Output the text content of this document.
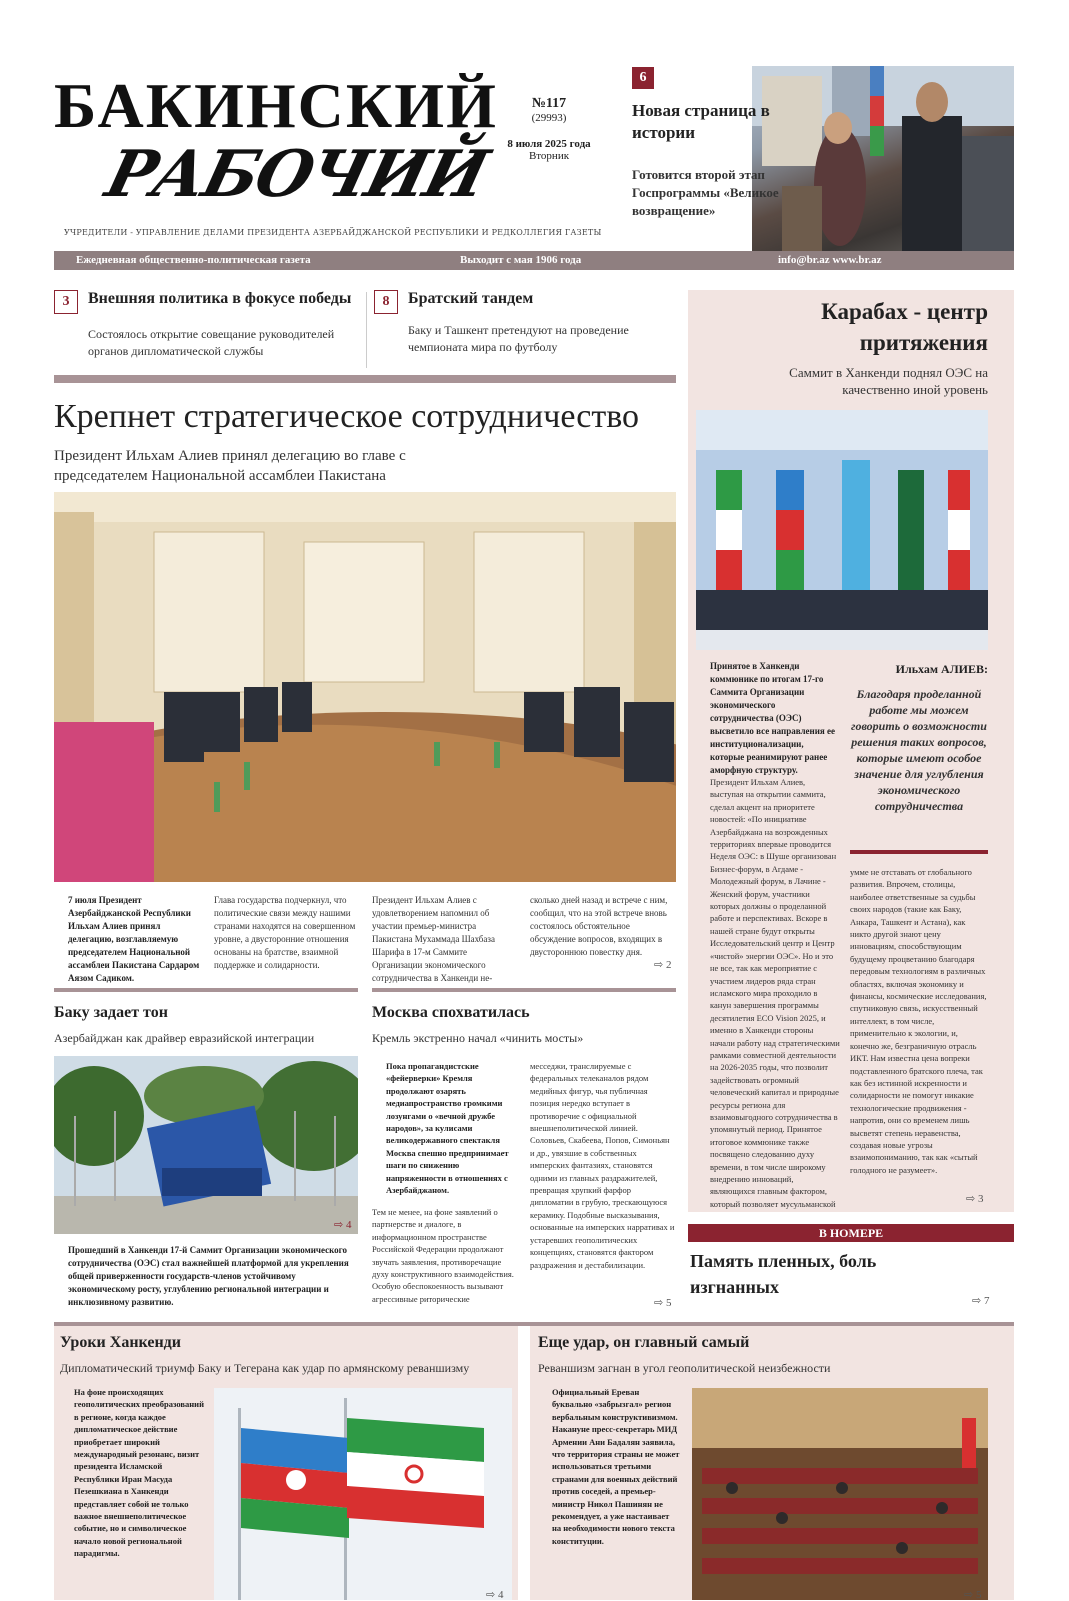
БАКИНСКИЙ
РАБОЧИЙ
УЧРЕДИТЕЛИ - УПРАВЛЕНИЕ ДЕЛАМИ ПРЕЗИДЕНТА АЗЕРБАЙДЖАНСКОЙ РЕСПУБЛИКИ И РЕДКОЛЛЕГИЯ ГАЗЕТЫ
№117
(29993)
8 июля 2025 года
Вторник
6
Новая страница в истории
Готовится второй этап Госпрограммы «Великое возвращение»
Ежедневная общественно-политическая газета	Выходит с мая 1906 года	info@br.az www.br.az
3	Внешняя политика в фокусе победы
Состоялось открытие совещание руководителей органов дипломатической службы
8	Братский тандем
Баку и Ташкент претендуют на проведение чемпионата мира по футболу
Крепнет стратегическое сотрудничество
Президент Ильхам Алиев принял делегацию во главе с председателем Национальной ассамблеи Пакистана
7 июля Президент Азербайджанской Республики Ильхам Алиев принял делегацию, возглавляемую председателем Национальной ассамблеи Пакистана Сардаром Аязом Садиком.
Глава государства подчеркнул, что политические связи между нашими странами находятся на совершенном уровне, а двусторонние отношения основаны на братстве, взаимной поддержке и солидарности.
Президент Ильхам Алиев с удовлетворением напомнил об участии премьер-министра Пакистана Мухаммада Шахбаза Шарифа в 17-м Саммите Организации экономического сотрудничества в Ханкенди не-
сколько дней назад и встрече с ним, сообщил, что на этой встрече вновь состоялось обстоятельное обсуждение вопросов, входящих в двустороннюю повестку дня.
⇨ 2
Карабах - центр притяжения
Саммит в Ханкенди поднял ОЭС на качественно иной уровень
Принятое в Ханкенди коммюнике по итогам 17-го Саммита Организации экономического сотрудничества (ОЭС) высветило все направления ее институционализации, которые реанимируют ранее аморфную структуру.
Ильхам АЛИЕВ:
Благодаря проделанной работе мы можем говорить о возможности решения таких вопросов, которые имеют особое значение для углубления экономического сотрудничества
Президент Ильхам Алиев, выступая на открытии саммита, сделал акцент на приоритете новостей: «По инициативе Азербайджана на возрожденных территориях впервые проводится Неделя ОЭС: в Шуше организован Бизнес-форум, в Агдаме - Молодежный форум, в Лачине - Женский форум, участники которых должны о проделанной работе и перспективах. Вскоре в нашей стране будут открыты Исследовательский центр и Центр «чистой» энергии ОЭС». Но и это не все, так как мероприятие с участием лидеров ряда стран исламского мира проходило в канун завершения программы десятилетия ECO Vision 2025, и именно в Ханкенди стороны начали работу над стратегическими рамками совместной деятельности на 2026-2035 годы, что позволит задействовать огромный человеческий капитал и природные ресурсы региона для взаимовыгодного сотрудничества в упомянутый период. Принятое итоговое коммюнике также посвящено следованию духу времени, в том числе широкому внедрению инноваций, являющихся главным фактором, который позволяет мусульманской
умме не отставать от глобального развития. Впрочем, столицы, наиболее ответственные за судьбы своих народов (такие как Баку, Анкара, Ташкент и Астана), как никто другой знают цену инновациям, способствующим будущему процветанию благодаря передовым технологиям в различных областях, включая экономику и финансы, космические исследования, спутниковую связь, искусственный интеллект, в том числе, применительно к экологии, и, конечно же, безграничную отрасль ИКТ. Нам известна цена вопреки подставленного братского плеча, так как без истинной искренности и солидарности не помогут никакие технологические продвижения - напротив, они со временем лишь высветят степень неравенства, создавая новые угрозы взаимопониманию, так как «сытый голодного не разумеет».
⇨ 3
Баку задает тон
Азербайджан как драйвер евразийской интеграции
⇨ 4
Прошедший в Ханкенди 17-й Саммит Организации экономического сотрудничества (ОЭС) стал важнейшей платформой для укрепления общей приверженности государств-членов устойчивому экономическому росту, углублению региональной интеграции и инклюзивному развитию.
Москва спохватилась
Кремль экстренно начал «чинить мосты»
Пока пропагандистские «фейерверки» Кремля продолжают озарять медиапространство громкими лозунгами о «вечной дружбе народов», за кулисами великодержавного спектакля Москва спешно предпринимает шаги по снижению напряженности в отношениях с Азербайджаном.
Тем не менее, на фоне заявлений о партнерстве и диалоге, в информационном пространстве Российской Федерации продолжают звучать заявления, противоречащие духу конструктивного взаимодействия. Особую обеспокоенность вызывают агрессивные риторические
месседжи, транслируемые с федеральных телеканалов рядом медийных фигур, чья публичная позиция нередко вступает в противоречие с официальной внешнеполитической линией. Соловьев, Скабеева, Попов, Симоньян и др., увязшие в собственных имперских фантазиях, становятся одними из главных раздражителей, превращая хрупкий фарфор дипломатии в грубую, трескающуюся керамику. Подобные высказывания, основанные на имперских нарративах и устаревших геополитических концепциях, становятся фактором раздражения и дестабилизации.
⇨ 5
В НОМЕРЕ
Память пленных, боль изгнанных
⇨ 7
Уроки Ханкенди
Дипломатический триумф Баку и Тегерана как удар по армянскому реваншизму
На фоне происходящих геополитических преобразований в регионе, когда каждое дипломатическое действие приобретает широкий международный резонанс, визит президента Исламской Республики Иран Масуда Пезешкиана в Ханкенди представляет собой не только важное внешнеполитическое событие, но и символическое начало новой региональной парадигмы.
⇨ 4
Еще удар, он главный самый
Реваншизм загнан в угол геополитической неизбежности
Официальный Ереван буквально «забрызгал» регион вербальным конструктивизмом. Накануне пресс-секретарь МИД Армении Ани Бадалян заявила, что территория страны не может использоваться третьими странами для военных действий против соседей, а премьер-министр Никол Пашинян не рекомендует, а уже настаивает на необходимости нового текста конституции.
⇨ 5
